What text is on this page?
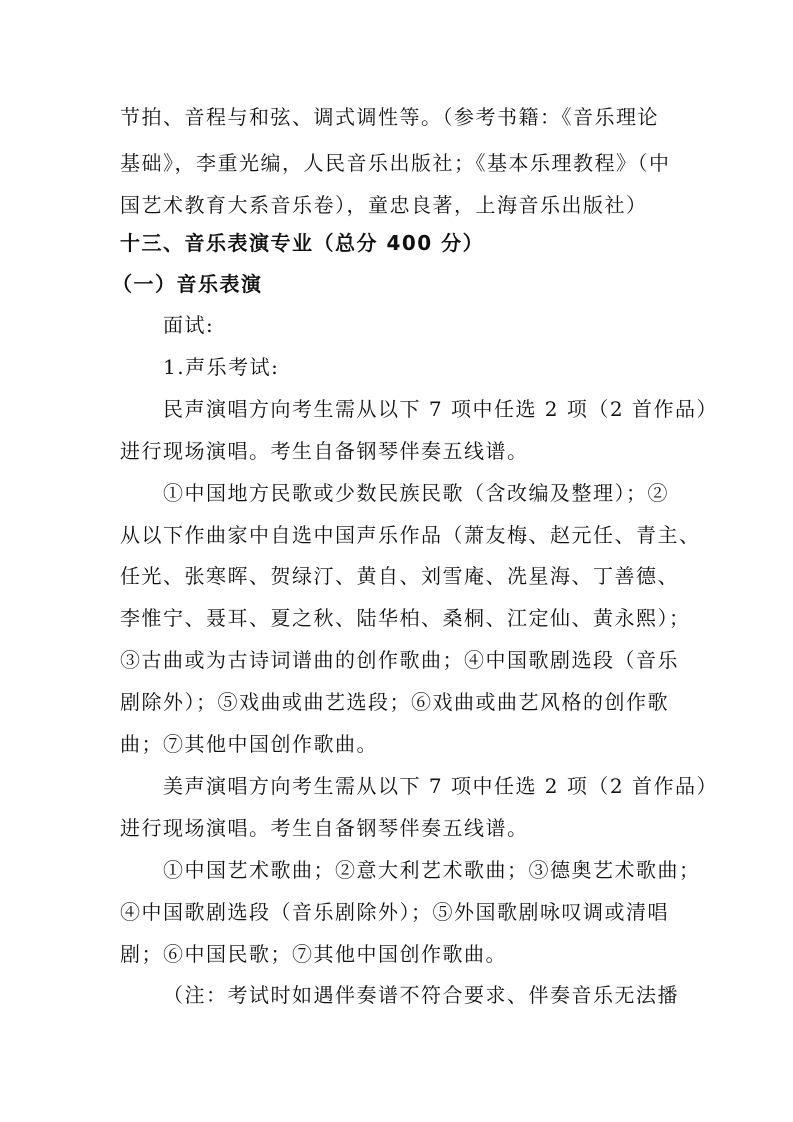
节拍、音程与和弦、调式调性等。（参考书籍：《音乐理论
基础》，李重光编，人民音乐出版社；《基本乐理教程》（中
国艺术教育大系音乐卷），童忠良著，上海音乐出版社）
十三、音乐表演专业（总分 400 分）
（一）音乐表演
面试:
1.声乐考试:
民声演唱方向考生需从以下 7 项中任选 2 项（2 首作品）
进行现场演唱。考生自备钢琴伴奏五线谱。
①中国地方民歌或少数民族民歌（含改编及整理）；②
从以下作曲家中自选中国声乐作品（萧友梅、赵元任、青主、
任光、张寒晖、贺绿汀、黄自、刘雪庵、冼星海、丁善德、
李惟宁、聂耳、夏之秋、陆华柏、桑桐、江定仙、黄永熙）；
③古曲或为古诗词谱曲的创作歌曲；④中国歌剧选段（音乐
剧除外）；⑤戏曲或曲艺选段；⑥戏曲或曲艺风格的创作歌
曲；⑦其他中国创作歌曲。
美声演唱方向考生需从以下 7 项中任选 2 项（2 首作品）
进行现场演唱。考生自备钢琴伴奏五线谱。
①中国艺术歌曲；②意大利艺术歌曲；③德奥艺术歌曲；
④中国歌剧选段（音乐剧除外）；⑤外国歌剧咏叹调或清唱
剧；⑥中国民歌；⑦其他中国创作歌曲。
（注：考试时如遇伴奏谱不符合要求、伴奏音乐无法播
